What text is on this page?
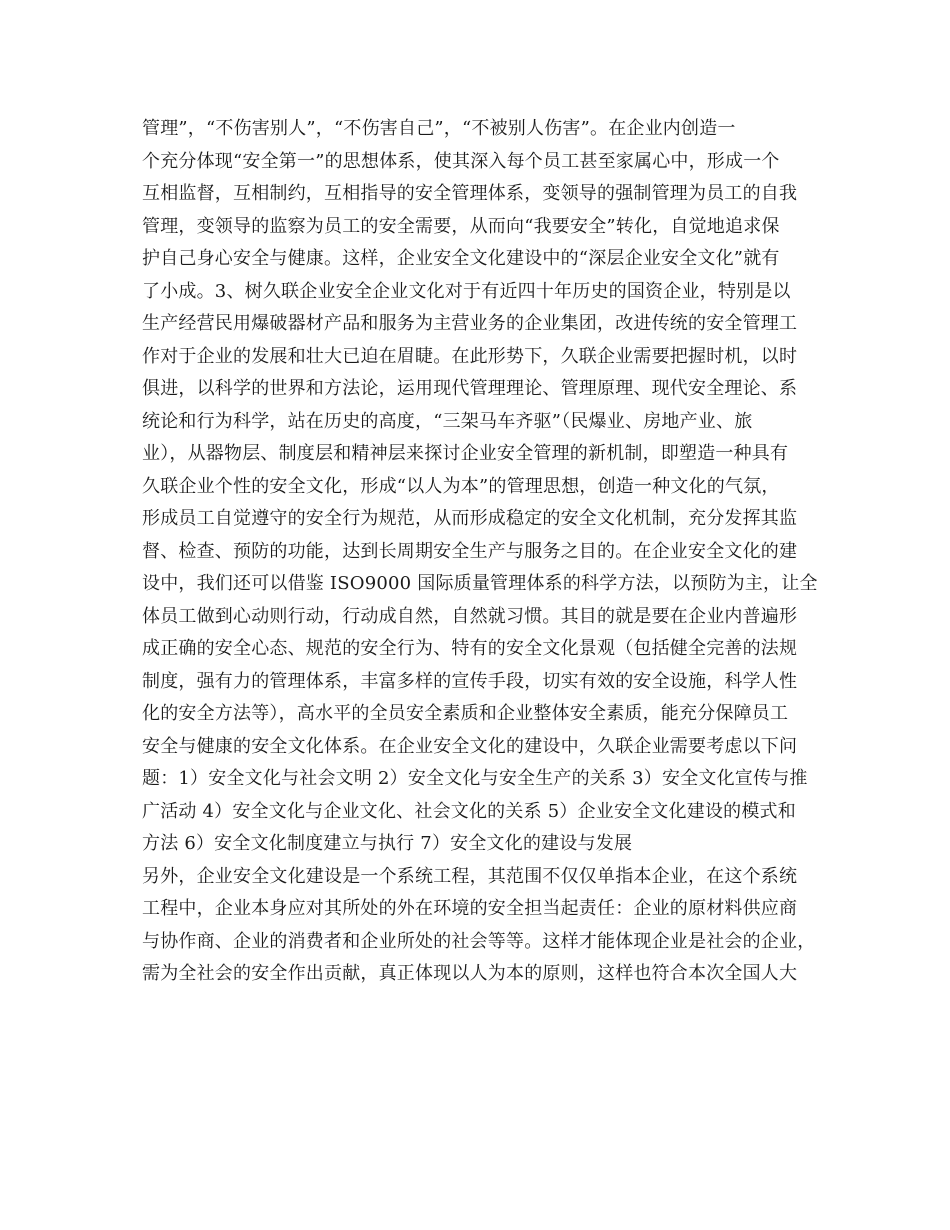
管理”，“不伤害别人”，“不伤害自己”，“不被别人伤害”。在企业内创造一
个充分体现“安全第一”的思想体系，使其深入每个员工甚至家属心中，形成一个
互相监督，互相制约，互相指导的安全管理体系，变领导的强制管理为员工的自我
管理，变领导的监察为员工的安全需要，从而向“我要安全”转化，自觉地追求保
护自己身心安全与健康。这样，企业安全文化建设中的“深层企业安全文化”就有
了小成。3、树久联企业安全企业文化对于有近四十年历史的国资企业，特别是以
生产经营民用爆破器材产品和服务为主营业务的企业集团，改进传统的安全管理工
作对于企业的发展和壮大已迫在眉睫。在此形势下，久联企业需要把握时机，以时
俱进，以科学的世界和方法论，运用现代管理理论、管理原理、现代安全理论、系
统论和行为科学，站在历史的高度，“三架马车齐驱”（民爆业、房地产业、旅
业），从器物层、制度层和精神层来探讨企业安全管理的新机制，即塑造一种具有
久联企业个性的安全文化，形成“以人为本”的管理思想，创造一种文化的气氛，
形成员工自觉遵守的安全行为规范，从而形成稳定的安全文化机制，充分发挥其监
督、检查、预防的功能，达到长周期安全生产与服务之目的。在企业安全文化的建
设中，我们还可以借鉴 ISO9000 国际质量管理体系的科学方法，以预防为主，让全
体员工做到心动则行动，行动成自然，自然就习惯。其目的就是要在企业内普遍形
成正确的安全心态、规范的安全行为、特有的安全文化景观（包括健全完善的法规
制度，强有力的管理体系，丰富多样的宣传手段，切实有效的安全设施，科学人性
化的安全方法等），高水平的全员安全素质和企业整体安全素质，能充分保障员工
安全与健康的安全文化体系。在企业安全文化的建设中，久联企业需要考虑以下问
题：1）安全文化与社会文明 2）安全文化与安全生产的关系 3）安全文化宣传与推
广活动 4）安全文化与企业文化、社会文化的关系 5）企业安全文化建设的模式和
方法 6）安全文化制度建立与执行 7）安全文化的建设与发展
另外，企业安全文化建设是一个系统工程，其范围不仅仅单指本企业，在这个系统
工程中，企业本身应对其所处的外在环境的安全担当起责任：企业的原材料供应商
与协作商、企业的消费者和企业所处的社会等等。这样才能体现企业是社会的企业，
需为全社会的安全作出贡献，真正体现以人为本的原则，这样也符合本次全国人大
